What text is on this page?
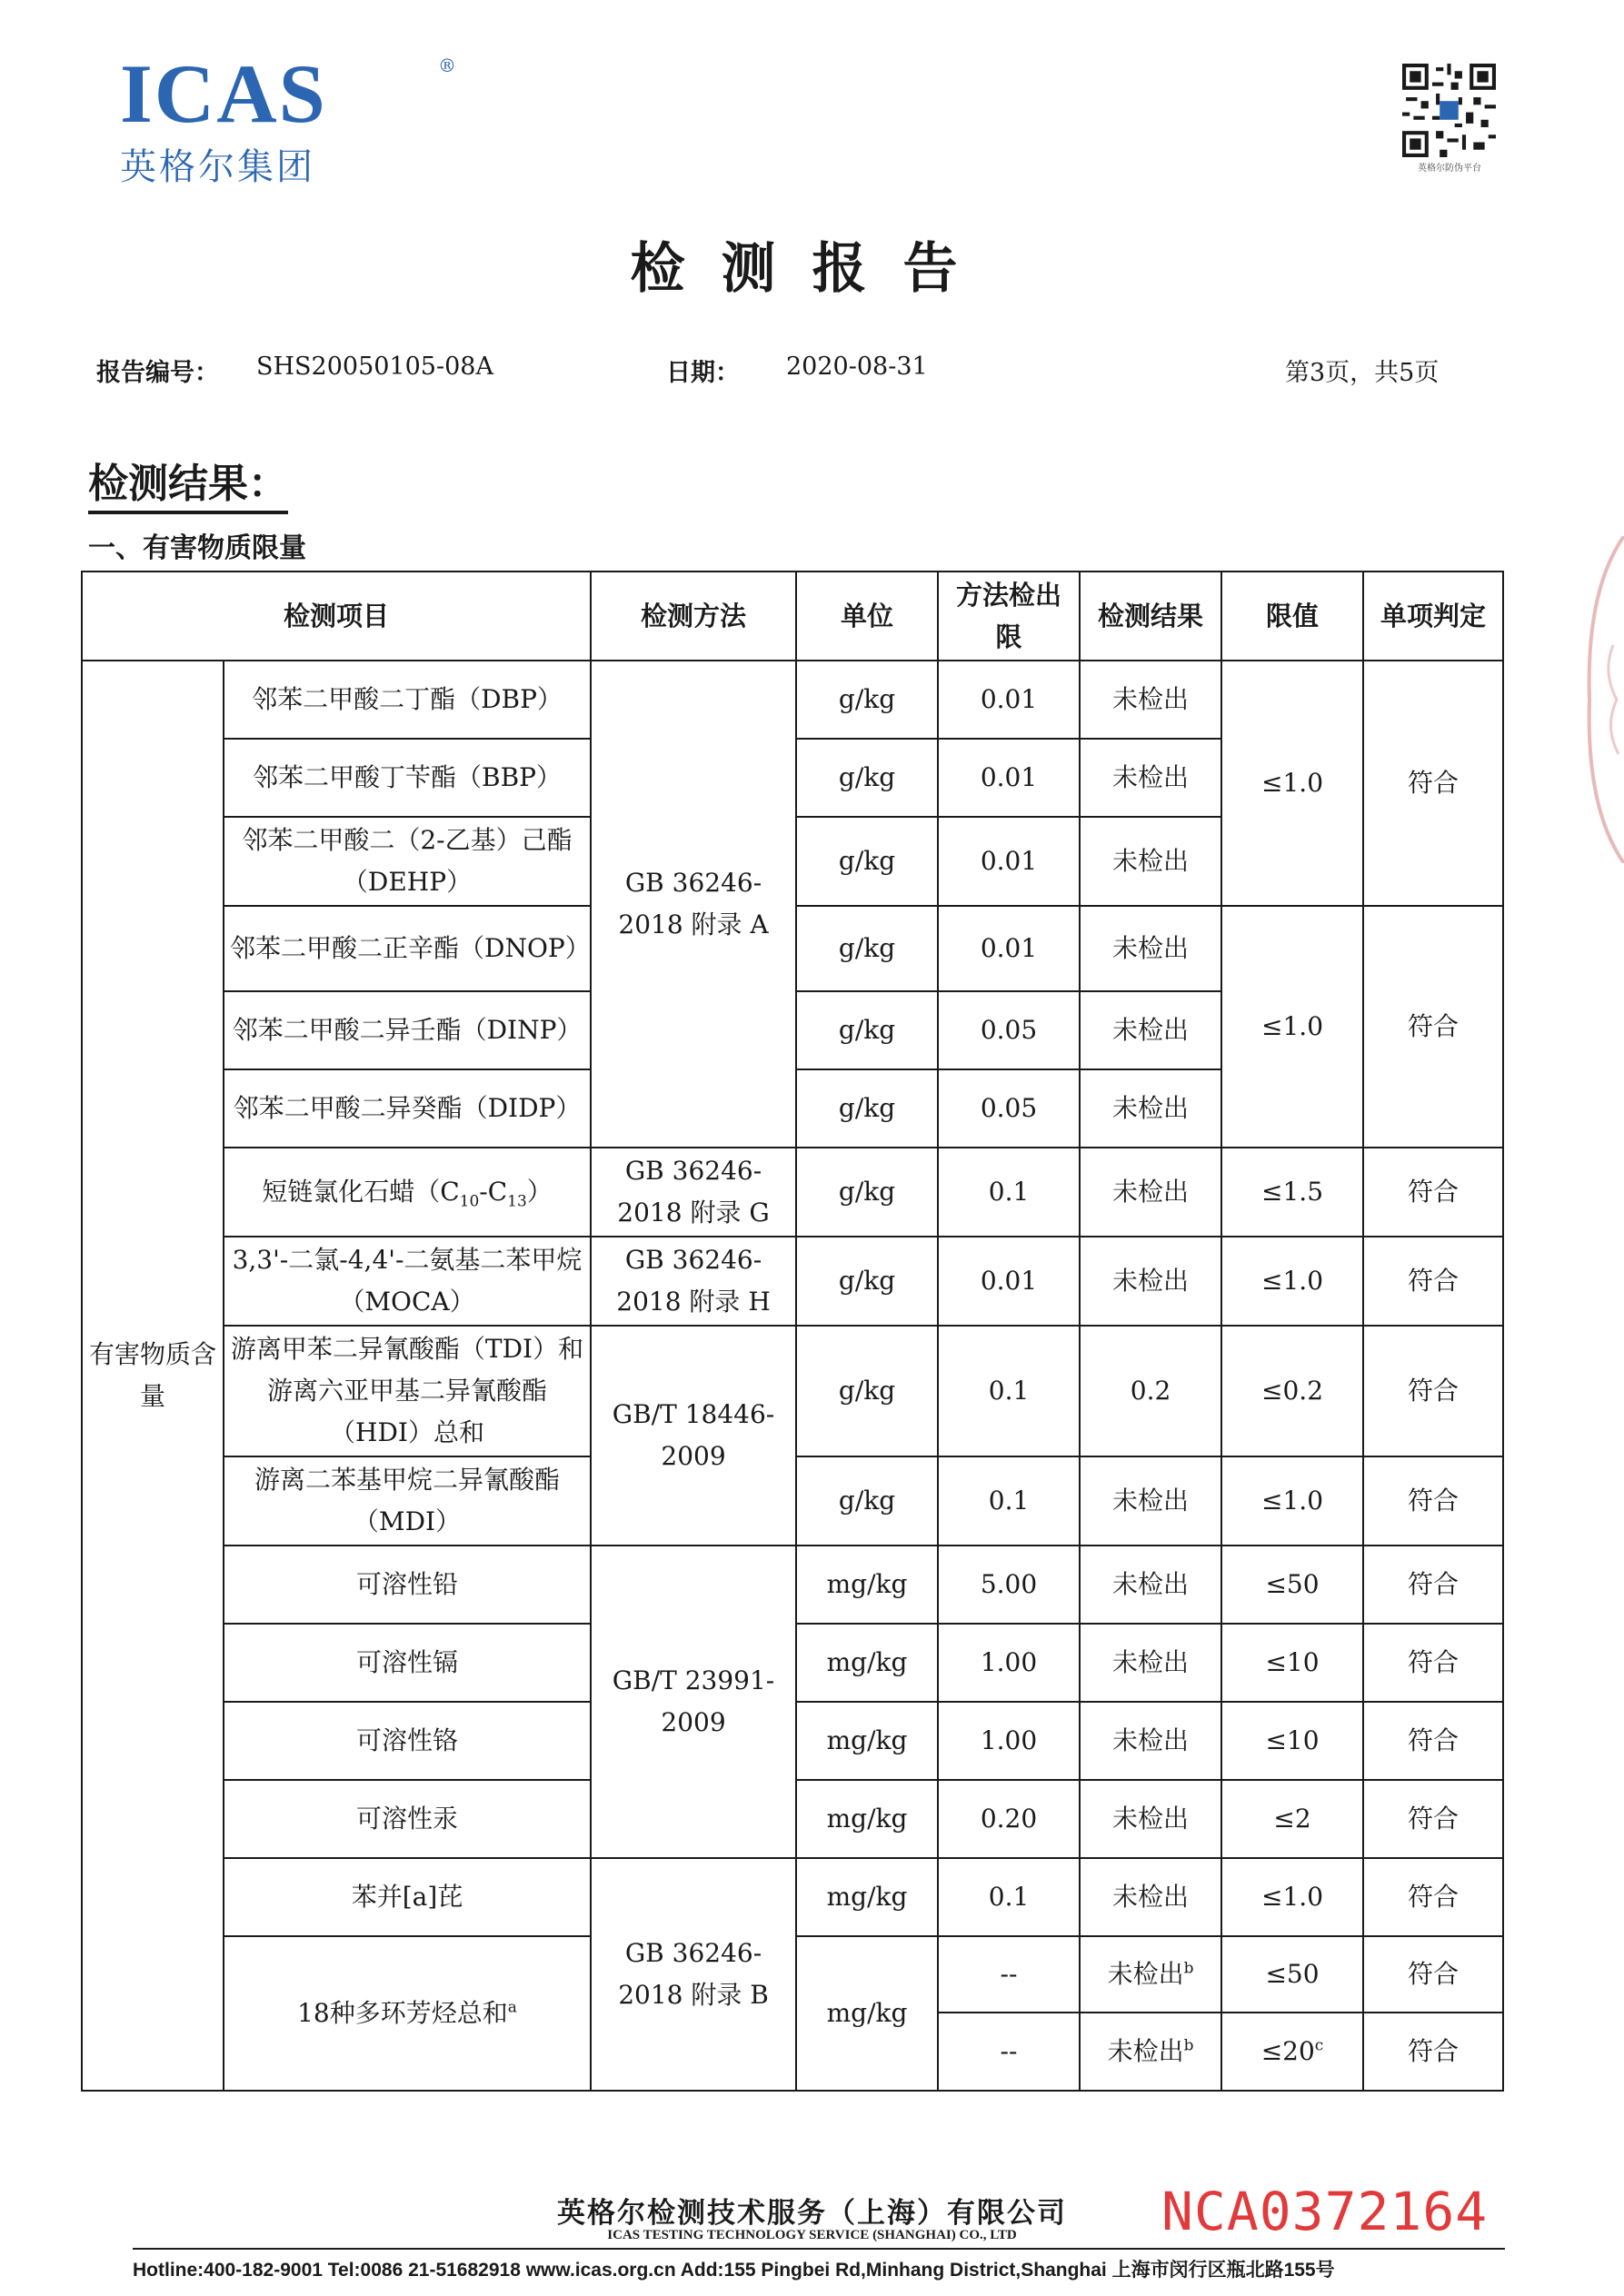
ICAS	®
英格尔集团	英格尔防伪平台
检测报告
报告编号： SHS20050105-08A	日期： 2020-08-31	第3页，共5页
检测结果：
一、有害物质限量
检测项目		检测方法	单位	方法检出限	检测结果	限值	单项判定
有害物质含量	邻苯二甲酸二丁酯（DBP）	GB 36246-2018 附录 A	g/kg	0.01	未检出	≤1.0	符合
	邻苯二甲酸丁苄酯（BBP）		g/kg	0.01	未检出		
	邻苯二甲酸二（2-乙基）己酯（DEHP）		g/kg	0.01	未检出		
	邻苯二甲酸二正辛酯（DNOP）		g/kg	0.01	未检出	≤1.0	符合
	邻苯二甲酸二异壬酯（DINP）		g/kg	0.05	未检出		
	邻苯二甲酸二异癸酯（DIDP）		g/kg	0.05	未检出		
	短链氯化石蜡$(C_{10}-C_{13})$	GB 36246-2018 附录 G	g/kg	0.1	未检出	≤1.5	符合
	3,3'-二氯-4,4'-二氨基二苯甲烷（MOCA）	GB 36246-2018 附录 H	g/kg	0.01	未检出	≤1.0	符合
	游离甲苯二异氰酸酯（TDI）和游离六亚甲基二异氰酸酯（HDI）总和	GB/T 18446-2009	g/kg	0.1	0.2	≤0.2	符合
	游离二苯基甲烷二异氰酸酯（MDI）		g/kg	0.1	未检出	≤1.0	符合
	可溶性铅	GB/T 23991-2009	mg/kg	5.00	未检出	≤50	符合
	可溶性镉		mg/kg	1.00	未检出	≤10	符合
	可溶性铬		mg/kg	1.00	未检出	≤10	符合
	可溶性汞		mg/kg	0.20	未检出	≤2	符合
	苯并[a]芘	GB 36246-2018 附录 B	mg/kg	0.1	未检出	≤1.0	符合
	18种多环芳烃总和$^a$		mg/kg	--	未检出$^b$	≤50	符合
				--	未检出$^b$	$\le 20^c$	符合
英格尔检测技术服务（上海）有限公司
ICAS TESTING TECHNOLOGY SERVICE (SHANGHAI) CO., LTD
Hotline:400-182-9001 Tel:0086 21-51682918 www.icas.org.cn Add:155 Pingbei Rd,Minhang District,Shanghai 上海市闵行区瓶北路155号
NCA0372164
